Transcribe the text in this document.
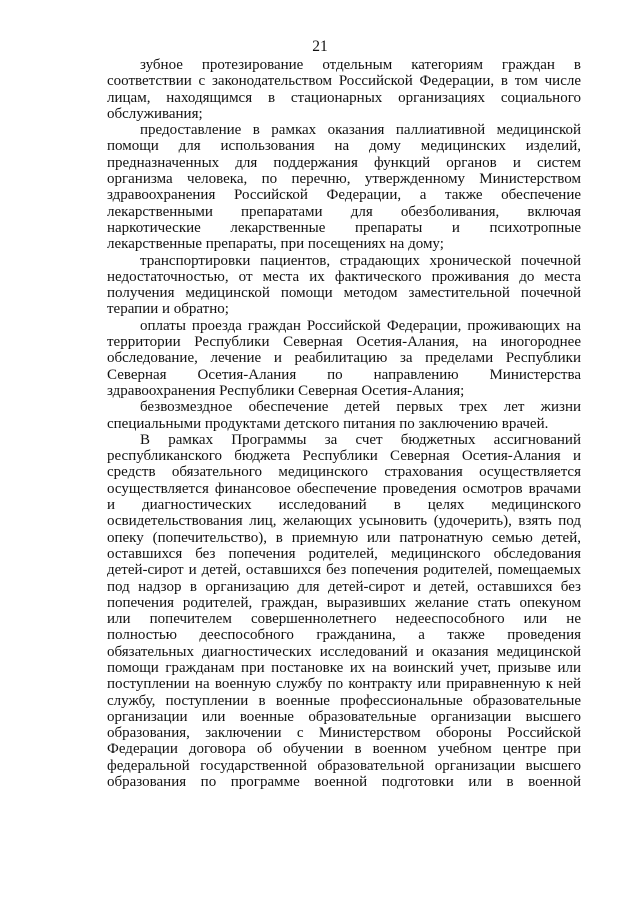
21
зубное протезирование отдельным категориям граждан в
соответствии с законодательством Российской Федерации, в том числе
лицам, находящимся в стационарных организациях социального
обслуживания;
предоставление в рамках оказания паллиативной медицинской
помощи для использования на дому медицинских изделий,
предназначенных для поддержания функций органов и систем
организма человека, по перечню, утвержденному Министерством
здравоохранения Российской Федерации, а также обеспечение
лекарственными препаратами для обезболивания, включая
наркотические лекарственные препараты и психотропные
лекарственные препараты, при посещениях на дому;
транспортировки пациентов, страдающих хронической почечной
недостаточностью, от места их фактического проживания до места
получения медицинской помощи методом заместительной почечной
терапии и обратно;
оплаты проезда граждан Российской Федерации, проживающих на
территории Республики Северная Осетия-Алания, на иногороднее
обследование, лечение и реабилитацию за пределами Республики
Северная Осетия-Алания по направлению Министерства
здравоохранения Республики Северная Осетия-Алания;
безвозмездное обеспечение детей первых трех лет жизни
специальными продуктами детского питания по заключению врачей.
В рамках Программы за счет бюджетных ассигнований
республиканского бюджета Республики Северная Осетия-Алания и
средств обязательного медицинского страхования осуществляется
осуществляется финансовое обеспечение проведения осмотров врачами
и диагностических исследований в целях медицинского
освидетельствования лиц, желающих усыновить (удочерить), взять под
опеку (попечительство), в приемную или патронатную семью детей,
оставшихся без попечения родителей, медицинского обследования
детей-сирот и детей, оставшихся без попечения родителей, помещаемых
под надзор в организацию для детей-сирот и детей, оставшихся без
попечения родителей, граждан, выразивших желание стать опекуном
или попечителем совершеннолетнего недееспособного или не
полностью дееспособного гражданина, а также проведения
обязательных диагностических исследований и оказания медицинской
помощи гражданам при постановке их на воинский учет, призыве или
поступлении на военную службу по контракту или приравненную к ней
службу, поступлении в военные профессиональные образовательные
организации или военные образовательные организации высшего
образования, заключении с Министерством обороны Российской
Федерации договора об обучении в военном учебном центре при
федеральной государственной образовательной организации высшего
образования по программе военной подготовки или в военной
